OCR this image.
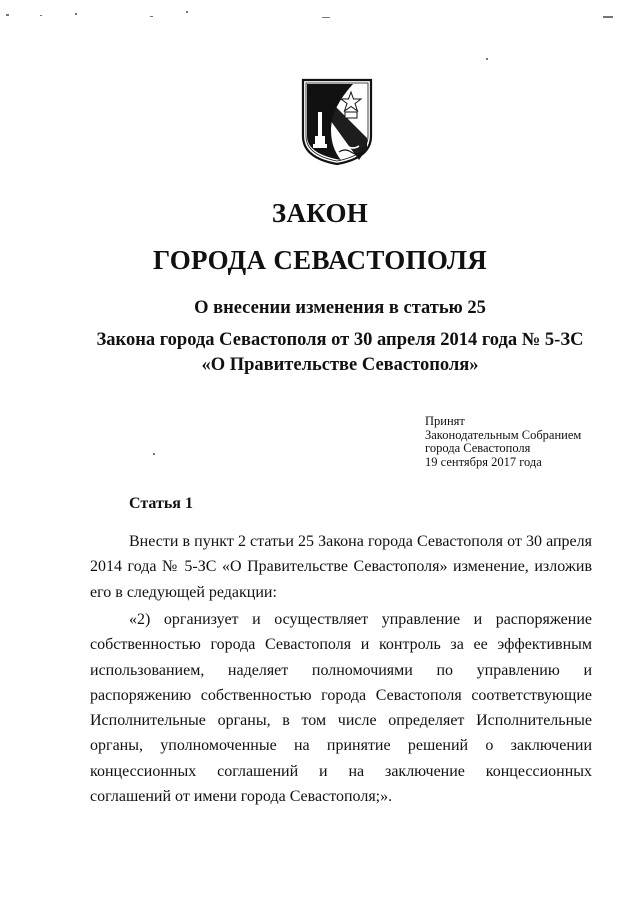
ЗАКОН
ГОРОДА СЕВАСТОПОЛЯ
О внесении изменения в статью 25
Закона города Севастополя от 30 апреля 2014 года № 5-ЗС
«О Правительстве Севастополя»
Принят
Законодательным Собранием
города Севастополя
19 сентября 2017 года
Статья 1
Внести в пункт 2 статьи 25 Закона города Севастополя от 30 апреля 2014 года № 5-ЗС «О Правительстве Севастополя» изменение, изложив его в следующей редакции:
«2) организует и осуществляет управление и распоряжение собственностью города Севастополя и контроль за ее эффективным использованием, наделяет полномочиями по управлению и распоряжению собственностью города Севастополя соответствующие Исполнительные органы, в том числе определяет Исполнительные органы, уполномоченные на принятие решений о заключении концессионных соглашений и на заключение концессионных соглашений от имени города Севастополя;».
